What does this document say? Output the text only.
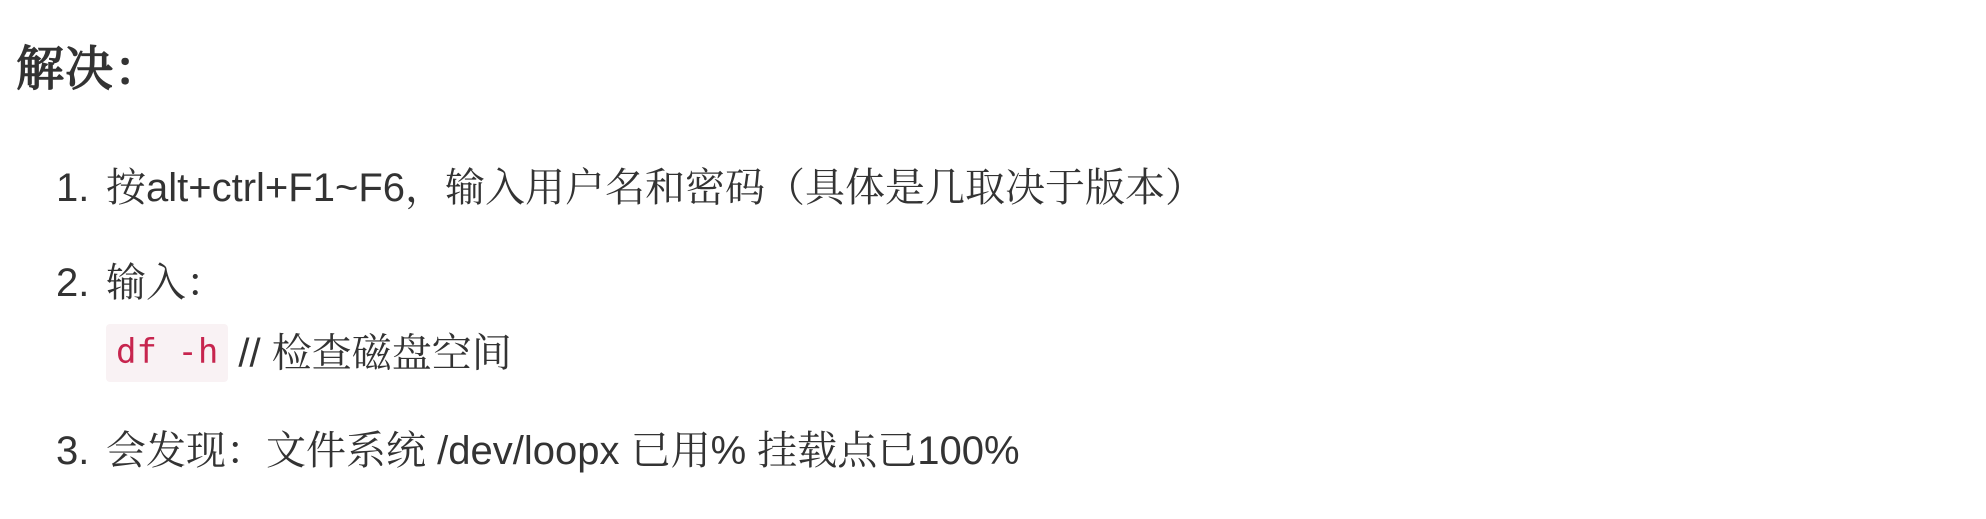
解决：
1. 按alt+ctrl+F1~F6，输入用户名和密码（具体是几取决于版本）
2. 输入：
3. 会发现：文件系统 /dev/loopx 已用% 挂载点已100%
df -h // 检查磁盘空间
